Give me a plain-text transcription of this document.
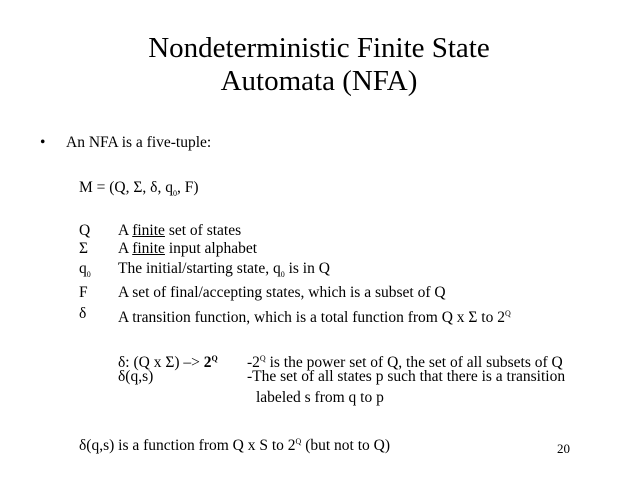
Nondeterministic Finite State
Automata (NFA)
• An NFA is a five-tuple:
M = (Q, Σ, δ, $q_0$, F)
Q A finite set of states
Σ A finite input alphabet
$q_0$ The initial/starting state, $q_0$ is in Q
F A set of final/accepting states, which is a subset of Q
δ A transition function, which is a total function from Q x Σ to $2^Q$
δ: (Q x $\Sigma) -> 2^Q$ $-2^Q$ is the power set of Q, the set of all subsets of Q
δ(q,s)	-The set of all states p such that there is a transition
labeled s from q to p
δ(q,s) is a function from Q x S to $2^Q$ (but not to Q)	20
